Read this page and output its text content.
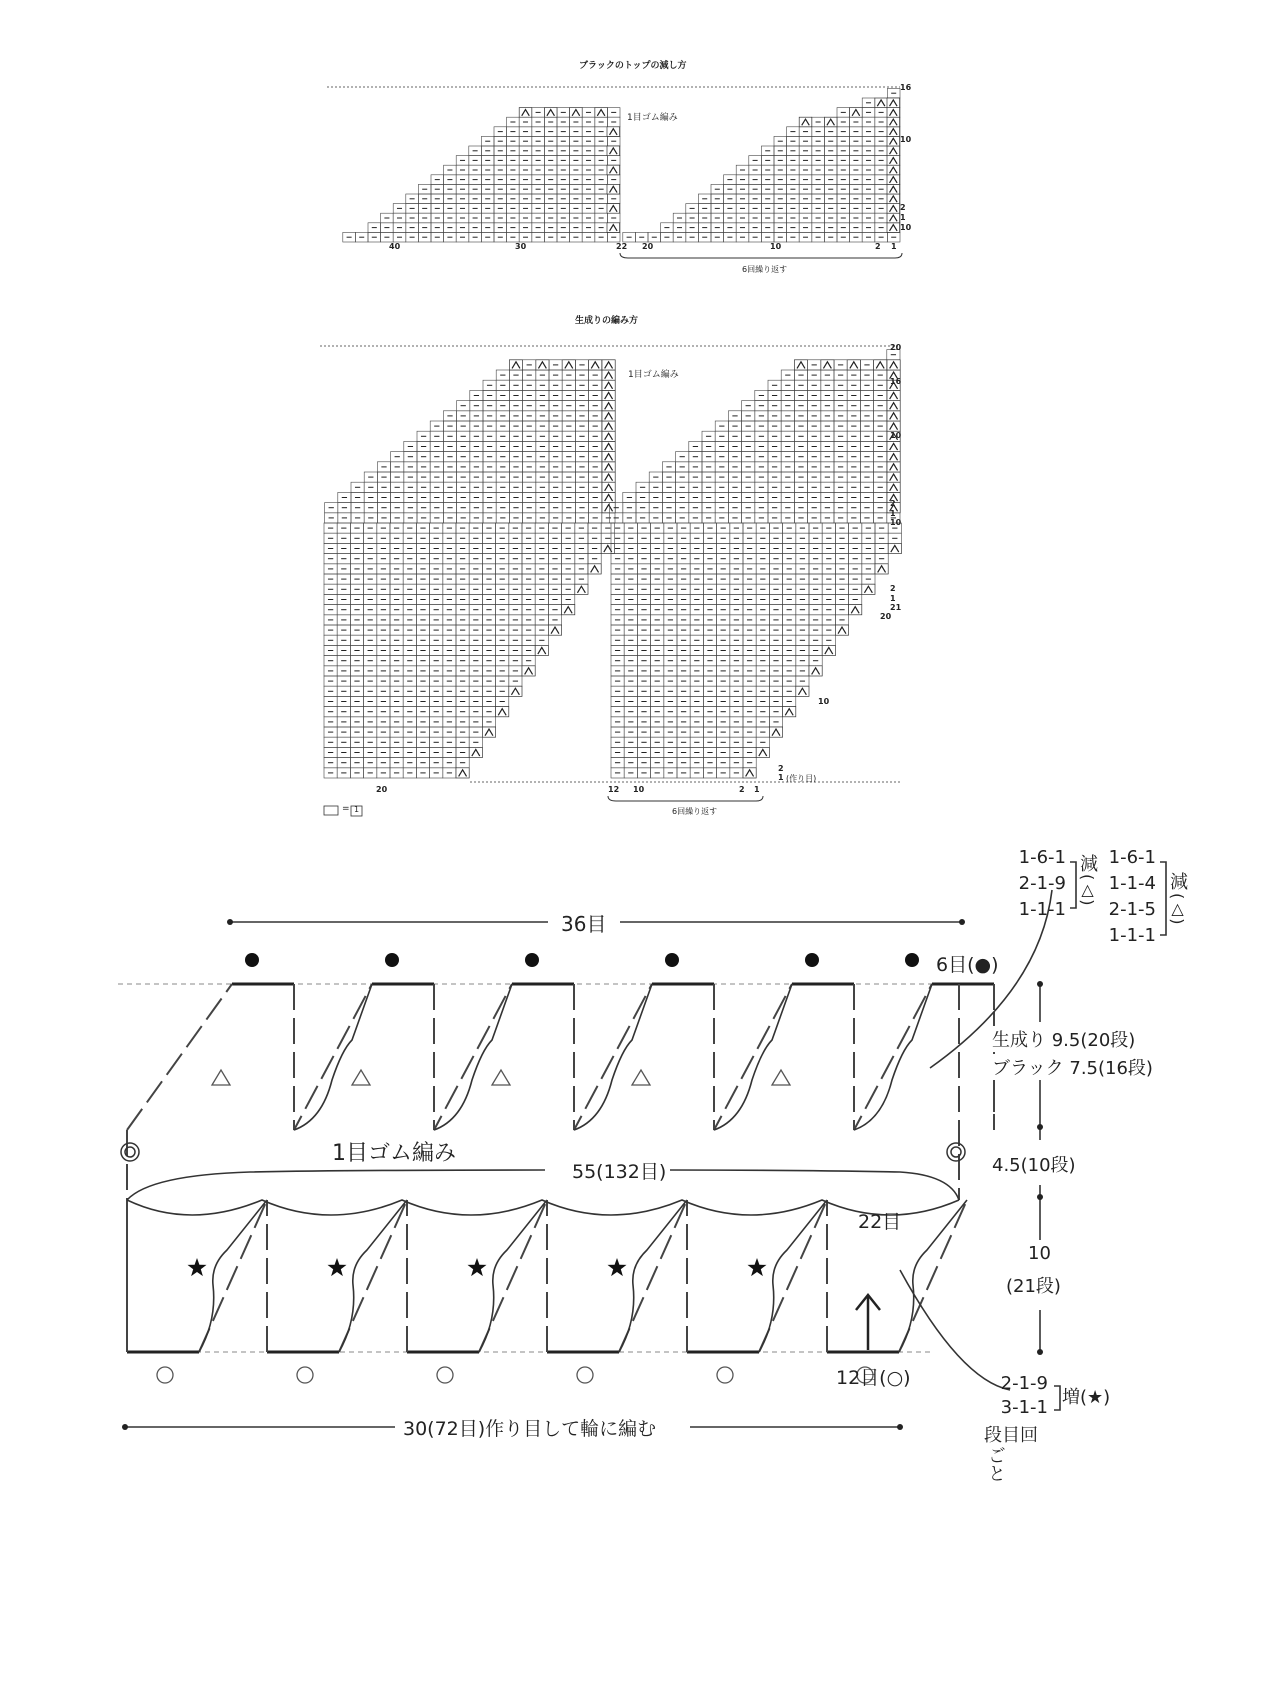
ブラックのトップの減し方
1目ゴム編み
40	30	22 20	10	2 1
16
10
2
1
10
6回繰り返す
生成りの編み方
1目ゴム編み
20	12 10	2 1
20
16
10
2
1
10
2
1
21
20
10
2
1 (作り目)
6回繰り返す
= 1
36目
6目(●)
1目ゴム編み
55(132目)
22目
12目(○)
30(72目)作り目して輪に編む
生成り 9.5(20段)
ブラック 7.5(16段)
4.5(10段)
10
(21段)
1-6-1
2-1-9
1-1-1
減
(△)
1-6-1
1-1-4
2-1-5
1-1-1
減
(△)
2-1-9
3-1-1 増(★)
段目回
ごと
